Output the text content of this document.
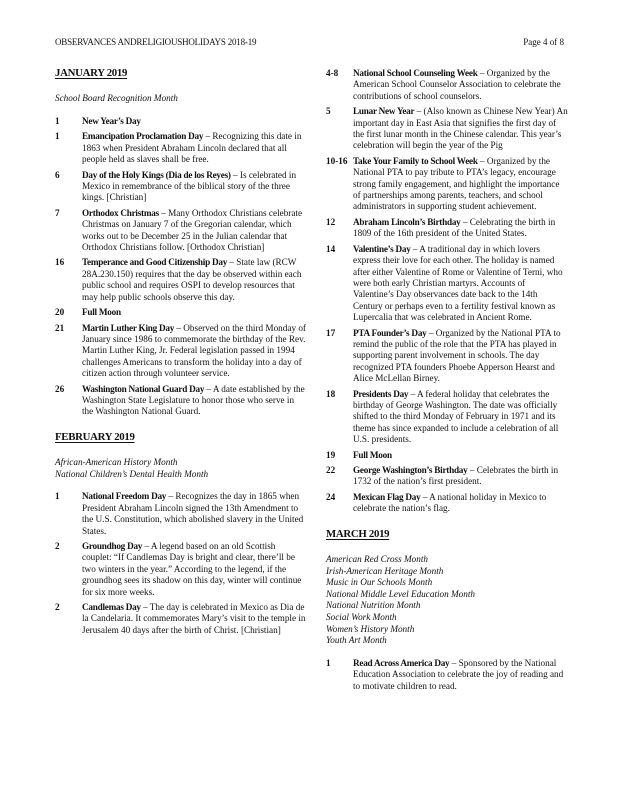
OBSERVANCES ANDRELIGIOUSHOLIDAYS 2018-19	Page 4 of 8
JANUARY 2019
School Board Recognition Month
1	New Year’s Day
1	Emancipation Proclamation Day – Recognizing this date in 1863 when President Abraham Lincoln declared that all people held as slaves shall be free.
6	Day of the Holy Kings (Dia de los Reyes) – Is celebrated in Mexico in remembrance of the biblical story of the three kings. [Christian]
7	Orthodox Christmas – Many Orthodox Christians celebrate Christmas on January 7 of the Gregorian calendar, which works out to be December 25 in the Julian calendar that Orthodox Christians follow. [Orthodox Christian]
16	Temperance and Good Citizenship Day – State law (RCW 28A.230.150) requires that the day be observed within each public school and requires OSPI to develop resources that may help public schools observe this day.
20	Full Moon
21	Martin Luther King Day – Observed on the third Monday of January since 1986 to commemorate the birthday of the Rev. Martin Luther King, Jr. Federal legislation passed in 1994 challenges Americans to transform the holiday into a day of citizen action through volunteer service.
26	Washington National Guard Day – A date established by the Washington State Legislature to honor those who serve in the Washington National Guard.
FEBRUARY 2019
African-American History Month
National Children’s Dental Health Month
1	National Freedom Day – Recognizes the day in 1865 when President Abraham Lincoln signed the 13th Amendment to the U.S. Constitution, which abolished slavery in the United States.
2	Groundhog Day – A legend based on an old Scottish couplet: “If Candlemas Day is bright and clear, there’ll be two winters in the year.” According to the legend, if the groundhog sees its shadow on this day, winter will continue for six more weeks.
2	Candlemas Day – The day is celebrated in Mexico as Dia de la Candelaria. It commemorates Mary’s visit to the temple in Jerusalem 40 days after the birth of Christ. [Christian]
4-8	National School Counseling Week – Organized by the American School Counselor Association to celebrate the contributions of school counselors.
5	Lunar New Year – (Also known as Chinese New Year) An important day in East Asia that signifies the first day of the first lunar month in the Chinese calendar. This year’s celebration will begin the year of the Pig
10-16 Take Your Family to School Week – Organized by the National PTA to pay tribute to PTA’s legacy, encourage strong family engagement, and highlight the importance of partnerships among parents, teachers, and school administrators in supporting student achievement.
12	Abraham Lincoln’s Birthday – Celebrating the birth in 1809 of the 16th president of the United States.
14	Valentine’s Day – A traditional day in which lovers express their love for each other. The holiday is named after either Valentine of Rome or Valentine of Terni, who were both early Christian martyrs. Accounts of Valentine’s Day observances date back to the 14th Century or perhaps even to a fertility festival known as Lupercalia that was celebrated in Ancient Rome.
17	PTA Founder’s Day – Organized by the National PTA to remind the public of the role that the PTA has played in supporting parent involvement in schools. The day recognized PTA founders Phoebe Apperson Hearst and Alice McLellan Birney.
18	Presidents Day – A federal holiday that celebrates the birthday of George Washington. The date was officially shifted to the third Monday of February in 1971 and its theme has since expanded to include a celebration of all U.S. presidents.
19	Full Moon
22	George Washington’s Birthday – Celebrates the birth in 1732 of the nation’s first president.
24	Mexican Flag Day – A national holiday in Mexico to celebrate the nation’s flag.
MARCH 2019
American Red Cross Month
Irish-American Heritage Month
Music in Our Schools Month
National Middle Level Education Month
National Nutrition Month
Social Work Month
Women’s History Month
Youth Art Month
1	Read Across America Day – Sponsored by the National Education Association to celebrate the joy of reading and to motivate children to read.
